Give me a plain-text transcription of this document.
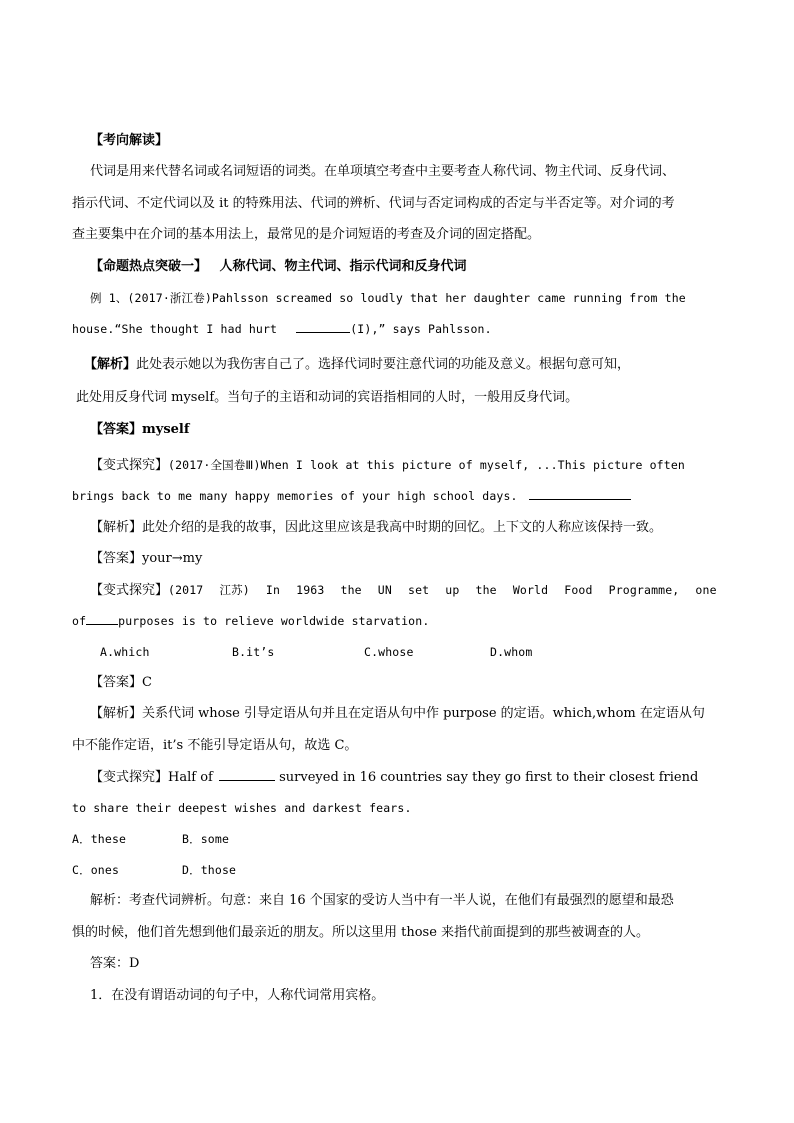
【考向解读】
代词是用来代替名词或名词短语的词类。在单项填空考查中主要考查人称代词、物主代词、反身代词、
指示代词、不定代词以及 it 的特殊用法、代词的辨析、代词与否定词构成的否定与半否定等。对介词的考
查主要集中在介词的基本用法上，最常见的是介词短语的考查及介词的固定搭配。
【命题热点突破一】 人称代词、物主代词、指示代词和反身代词
例 1、(2017·浙江卷)Pahlsson screamed so loudly that her daughter came running from the
house.“She thought I had hurt	(I),” says Pahlsson.
【解析】此处表示她以为我伤害自己了。选择代词时要注意代词的功能及意义。根据句意可知，
此处用反身代词 myself。当句子的主语和动词的宾语指相同的人时，一般用反身代词。
【答案】myself
【变式探究】(2017·全国卷Ⅲ)When I look at this picture of myself, ...This picture often
brings back to me many happy memories of your high school days.
【解析】此处介绍的是我的故事，因此这里应该是我高中时期的回忆。上下文的人称应该保持一致。
【答案】your→my
【变式探究】(2017 江苏) In 1963 the UN set up the World Food Programme, one
of	purposes is to relieve worldwide starvation.
A.which	B.it’s	C.whose	D.whom
【答案】C
【解析】关系代词 whose 引导定语从句并且在定语从句中作 purpose 的定语。which,whom 在定语从句
中不能作定语，it’s 不能引导定语从句，故选 C。
【变式探究】Half of	surveyed in 16 countries say they go first to their closest friend
to share their deepest wishes and darkest fears.
A．these	B．some
C．ones	D．those
解析：考查代词辨析。句意：来自 16 个国家的受访人当中有一半人说，在他们有最强烈的愿望和最恐
惧的时候，他们首先想到他们最亲近的朋友。所以这里用 those 来指代前面提到的那些被调查的人。
答案：D
1．在没有谓语动词的句子中，人称代词常用宾格。
